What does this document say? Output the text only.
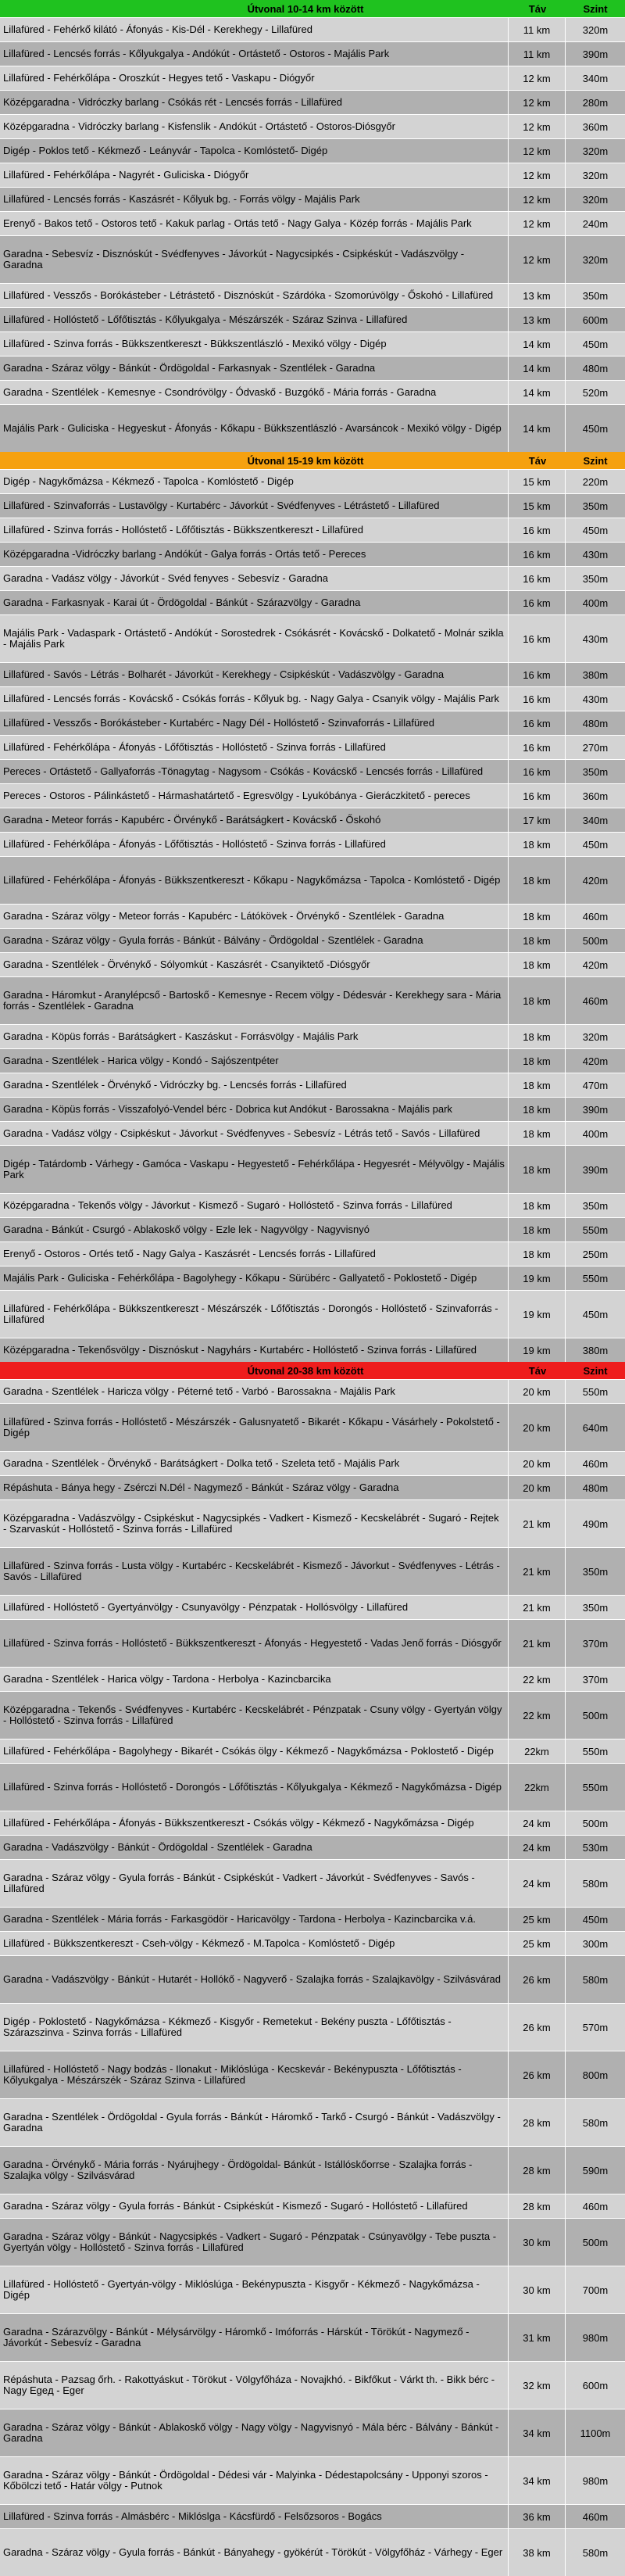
Útvonal 10-14 km között	Táv	Szint
Lillafüred - Fehérkő kilátó - Áfonyás - Kis-Dél - Kerekhegy - Lillafüred	11 km	320m
Lillafüred - Lencsés forrás - Kőlyukgalya - Andókút - Ortástető - Ostoros - Majális Park	11 km	390m
Lillafüred - Fehérkőlápa - Oroszkút - Hegyes tető - Vaskapu - Diógyőr	12 km	340m
Középgaradna - Vidróczky barlang - Csókás rét - Lencsés forrás - Lillafüred	12 km	280m
Középgaradna - Vidróczky barlang - Kisfenslik - Andókút - Ortástető - Ostoros-Diósgyőr	12 km	360m
Digép - Poklos tető - Kékmező - Leányvár - Tapolca - Komlóstető- Digép	12 km	320m
Lillafüred - Fehérkőlápa - Nagyrét - Guliciska - Diógyőr	12 km	320m
Lillafüred - Lencsés forrás - Kaszásrét - Kőlyuk bg. - Forrás völgy - Majális Park	12 km	320m
Erenyő - Bakos tető - Ostoros tető - Kakuk parlag - Ortás tető - Nagy Galya - Közép forrás - Majális Park	12 km	240m
Garadna - Sebesvíz - Disznóskút - Svédfenyves - Jávorkút - Nagycsipkés - Csipkéskút - Vadászvölgy - Garadna	12 km	320m
Lillafüred - Vesszős - Borókásteber - Létrástető - Disznóskút - Szárdóka - Szomorúvölgy - Őskohó - Lillafüred	13 km	350m
Lillafüred - Hollóstető - Lőfőtisztás - Kőlyukgalya - Mészárszék - Száraz Szinva - Lillafüred	13 km	600m
Lillafüred - Szinva forrás - Bükkszentkereszt - Bükkszentlászló - Mexikó völgy - Digép	14 km	450m
Garadna - Száraz völgy - Bánkút - Ördögoldal - Farkasnyak - Szentlélek - Garadna	14 km	480m
Garadna - Szentlélek - Kemesnye - Csondróvölgy - Ódvaskő - Buzgókő - Mária forrás - Garadna	14 km	520m
Majális Park - Guliciska - Hegyeskut - Áfonyás - Kőkapu - Bükkszentlászló - Avarsáncok - Mexikó völgy - Digép	14 km	450m
Útvonal 15-19 km között	Táv	Szint
Digép - Nagykőmázsa - Kékmező - Tapolca - Komlóstető - Digép	15 km	220m
Lillafüred - Szinvaforrás - Lustavölgy - Kurtabérc - Jávorkút - Svédfenyves - Létrástető - Lillafüred	15 km	350m
Lillafüred - Szinva forrás - Hollóstető - Lőfőtisztás - Bükkszentkereszt - Lillafüred	16 km	450m
Középgaradna -Vidróczky barlang - Andókút - Galya forrás - Ortás tető - Pereces	16 km	430m
Garadna - Vadász völgy - Jávorkút - Svéd fenyves - Sebesvíz - Garadna	16 km	350m
Garadna - Farkasnyak - Karai út - Ördögoldal - Bánkút - Szárazvölgy - Garadna	16 km	400m
Majális Park - Vadaspark - Ortástető - Andókút - Sorostedrek - Csókásrét - Kovácskő - Dolkatető - Molnár szikla - Majális Park	16 km	430m
Lillafüred - Savós - Létrás - Bolharét - Jávorkút - Kerekhegy - Csipkéskút - Vadászvölgy - Garadna	16 km	380m
Lillafüred - Lencsés forrás - Kovácskő - Csókás forrás - Kőlyuk bg. - Nagy Galya - Csanyik völgy - Majális Park	16 km	430m
Lillafüred - Vesszős - Borókásteber - Kurtabérc - Nagy Dél - Hollóstető - Szinvaforrás - Lillafüred	16 km	480m
Lillafüred - Fehérkőlápa - Áfonyás - Lőfőtisztás - Hollóstető - Szinva forrás - Lillafüred	16 km	270m
Pereces - Ortástető - Gallyaforrás -Tönagytag - Nagysom - Csókás - Kovácskő - Lencsés forrás - Lillafüred	16 km	350m
Pereces - Ostoros - Pálinkástető - Hármashatártető - Egresvölgy - Lyukóbánya - Gieráczkitető - pereces	16 km	360m
Garadna - Meteor forrás - Kapubérc - Örvénykő - Barátságkert - Kovácskő - Őskohó	17 km	340m
Lillafüred - Fehérkőlápa - Áfonyás - Lőfőtisztás - Hollóstető - Szinva forrás - Lillafüred	18 km	450m
Lillafüred - Fehérkőlápa - Áfonyás - Bükkszentkereszt - Kőkapu - Nagykőmázsa - Tapolca - Komlóstető - Digép	18 km	420m
Garadna - Száraz völgy - Meteor forrás - Kapubérc - Látókövek - Örvénykő - Szentlélek - Garadna	18 km	460m
Garadna - Száraz völgy - Gyula forrás - Bánkút - Bálvány - Ördögoldal - Szentlélek - Garadna	18 km	500m
Garadna - Szentlélek - Örvénykő - Sólyomkút - Kaszásrét - Csanyiktető -Diósgyőr	18 km	420m
Garadna - Háromkut - Aranylépcső - Bartoskő - Kemesnye - Recem völgy - Dédesvár - Kerekhegy sara - Mária forrás - Szentlélek - Garadna	18 km	460m
Garadna - Köpüs forrás - Barátságkert - Kaszáskut - Forrásvölgy - Majális Park	18 km	320m
Garadna - Szentlélek - Harica völgy - Kondó - Sajószentpéter	18 km	420m
Garadna - Szentlélek - Örvénykő - Vidróczky bg. - Lencsés forrás - Lillafüred	18 km	470m
Garadna - Köpüs forrás - Visszafolyó-Vendel bérc - Dobrica kut Andókut - Barossakna - Majális park	18 km	390m
Garadna - Vadász völgy - Csipkéskut - Jávorkut - Svédfenyves - Sebesvíz - Létrás tető - Savós - Lillafüred	18 km	400m
Digép - Tatárdomb - Várhegy - Gamóca - Vaskapu - Hegyestető - Fehérkőlápa - Hegyesrét - Mélyvölgy - Majális Park	18 km	390m
Középgaradna - Tekenős völgy - Jávorkut - Kismező - Sugaró - Hollóstető - Szinva forrás - Lillafüred	18 km	350m
Garadna - Bánkút - Csurgó - Ablakoskő völgy - Ezle lek - Nagyvölgy - Nagyvisnyó	18 km	550m
Erenyő - Ostoros - Ortés tető - Nagy Galya - Kaszásrét - Lencsés forrás - Lillafüred	18 km	250m
Majális Park - Guliciska - Fehérkőlápa - Bagolyhegy - Kőkapu - Sürübérc - Gallyatető - Poklostető - Digép	19 km	550m
Lillafüred - Fehérkőlápa - Bükkszentkereszt - Mészárszék - Lőfőtisztás - Dorongós - Hollóstető - Szinvaforrás - Lillafüred	19 km	450m
Középgaradna - Tekenősvölgy - Disznóskut - Nagyhárs - Kurtabérc - Hollóstető - Szinva forrás - Lillafüred	19 km	380m
Útvonal 20-38 km között	Táv	Szint
Garadna - Szentlélek - Haricza völgy - Péterné tető - Varbó - Barossakna - Majális Park	20 km	550m
Lillafüred - Szinva forrás - Hollóstető - Mészárszék - Galusnyatető - Bikarét - Kőkapu - Vásárhely - Pokolstető - Digép	20 km	640m
Garadna - Szentlélek - Örvénykő - Barátságkert - Dolka tető - Szeleta tető - Majális Park	20 km	460m
Répáshuta - Bánya hegy - Zsérczi N.Dél - Nagymező - Bánkút - Száraz völgy - Garadna	20 km	480m
Középgaradna - Vadászvölgy - Csipkéskut - Nagycsipkés - Vadkert - Kismező - Kecskelábrét - Sugaró - Rejtek - Szarvaskút - Hollóstető - Szinva forrás - Lillafüred	21 km	490m
Lillafüred - Szinva forrás - Lusta völgy - Kurtabérc - Kecskelábrét - Kismező - Jávorkut - Svédfenyves - Létrás - Savós - Lillafüred	21 km	350m
Lillafüred - Hollóstető - Gyertyánvölgy - Csunyavölgy - Pénzpatak - Hollósvölgy - Lillafüred	21 km	350m
Lillafüred - Szinva forrás - Hollóstető - Bükkszentkereszt - Áfonyás - Hegyestető - Vadas Jenő forrás - Diósgyőr	21 km	370m
Garadna - Szentlélek - Harica völgy - Tardona - Herbolya - Kazincbarcika	22 km	370m
Középgaradna - Tekenős - Svédfenyves - Kurtabérc - Kecskelábrét - Pénzpatak - Csuny völgy - Gyertyán völgy - Hollóstető - Szinva forrás - Lillafüred	22 km	500m
Lillafüred - Fehérkőlápa - Bagolyhegy - Bikarét - Csókás ölgy - Kékmező - Nagykőmázsa - Poklostető - Digép	22km	550m
Lillafüred - Szinva forrás - Hollóstető - Dorongós - Lőfőtisztás - Kőlyukgalya - Kékmező - Nagykőmázsa - Digép	22km	550m
Lillafüred - Fehérkőlápa - Áfonyás - Bükkszentkereszt - Csókás völgy - Kékmező - Nagykőmázsa - Digép	24 km	500m
Garadna - Vadászvölgy - Bánkút - Ördögoldal - Szentlélek - Garadna	24 km	530m
Garadna - Száraz völgy - Gyula forrás - Bánkút - Csipkéskút - Vadkert - Jávorkút - Svédfenyves - Savós - Lillafüred	24 km	580m
Garadna - Szentlélek - Mária forrás - Farkasgödör - Haricavölgy - Tardona - Herbolya - Kazincbarcika v.á.	25 km	450m
Lillafüred - Bükkszentkereszt - Cseh-völgy - Kékmező - M.Tapolca - Komlóstető - Digép	25 km	300m
Garadna - Vadászvölgy - Bánkút - Hutarét - Hollókő - Nagyverő - Szalajka forrás - Szalajkavölgy - Szilvásvárad	26 km	580m
Digép - Poklostető - Nagykőmázsa - Kékmező - Kisgyőr - Remetekut - Bekény puszta - Lőfőtisztás - Szárazszinva - Szinva forrás - Lillafüred	26 km	570m
Lillafüred - Hollóstető - Nagy bodzás - Ilonakut - Miklóslúga - Kecskevár - Bekénypuszta - Lőfőtisztás - Kőlyukgalya - Mészárszék - Száraz Szinva - Lillafüred	26 km	800m
Garadna - Szentlélek - Ördögoldal - Gyula forrás - Bánkút - Háromkő - Tarkő - Csurgó - Bánkút - Vadászvölgy - Garadna	28 km	580m
Garadna - Örvénykő - Mária forrás - Nyárujhegy - Ördögoldal- Bánkút - Istállóskőorrse - Szalajka forrás - Szalajka völgy - Szilvásvárad	28 km	590m
Garadna - Száraz völgy - Gyula forrás - Bánkút - Csipkéskút - Kismező - Sugaró - Hollóstető - Lillafüred	28 km	460m
Garadna - Száraz völgy - Bánkút - Nagycsipkés - Vadkert - Sugaró - Pénzpatak - Csúnyavölgy - Tebe puszta - Gyertyán völgy - Hollóstető - Szinva forrás - Lillafüred	30 km	500m
Lillafüred - Hollóstető - Gyertyán-völgy - Miklóslúga - Bekénypuszta - Kisgyőr - Kékmező - Nagykőmázsa - Digép	30 km	700m
Garadna - Szárazvölgy - Bánkút - Mélysárvölgy - Háromkő - Imóforrás - Hárskút - Törökút - Nagymező - Jávorkút - Sebesvíz - Garadna	31 km	980m
Répáshuta - Pazsag őrh. - Rakottyáskut - Törökut - Völgyfőháza - Novajkhó. - Bikfőkut - Várkt th. - Bikk bérc - Nagy Egeд - Eger	32 km	600m
Garadna - Száraz völgy - Bánkút - Ablakoskő völgy - Nagy völgy - Nagyvisnyó - Mála bérc - Bálvány - Bánkút - Garadna	34 km	1100m
Garadna - Száraz völgy - Bánkút - Ördögoldal - Dédesi vár - Malyinka - Dédestapolcsány - Upponyi szoros - Kőbölczi tető - Határ völgy - Putnok	34 km	980m
Lillafüred - Szinva forrás - Almásbérc - Miklóslga - Kácsfürdő - Felsőzsoros - Bogács	36 km	460m
Garadna - Száraz völgy - Gyula forrás - Bánkút - Bányahegy - gyökérút - Törökút - Völgyfőház - Várhegy - Eger	38 km	580m
